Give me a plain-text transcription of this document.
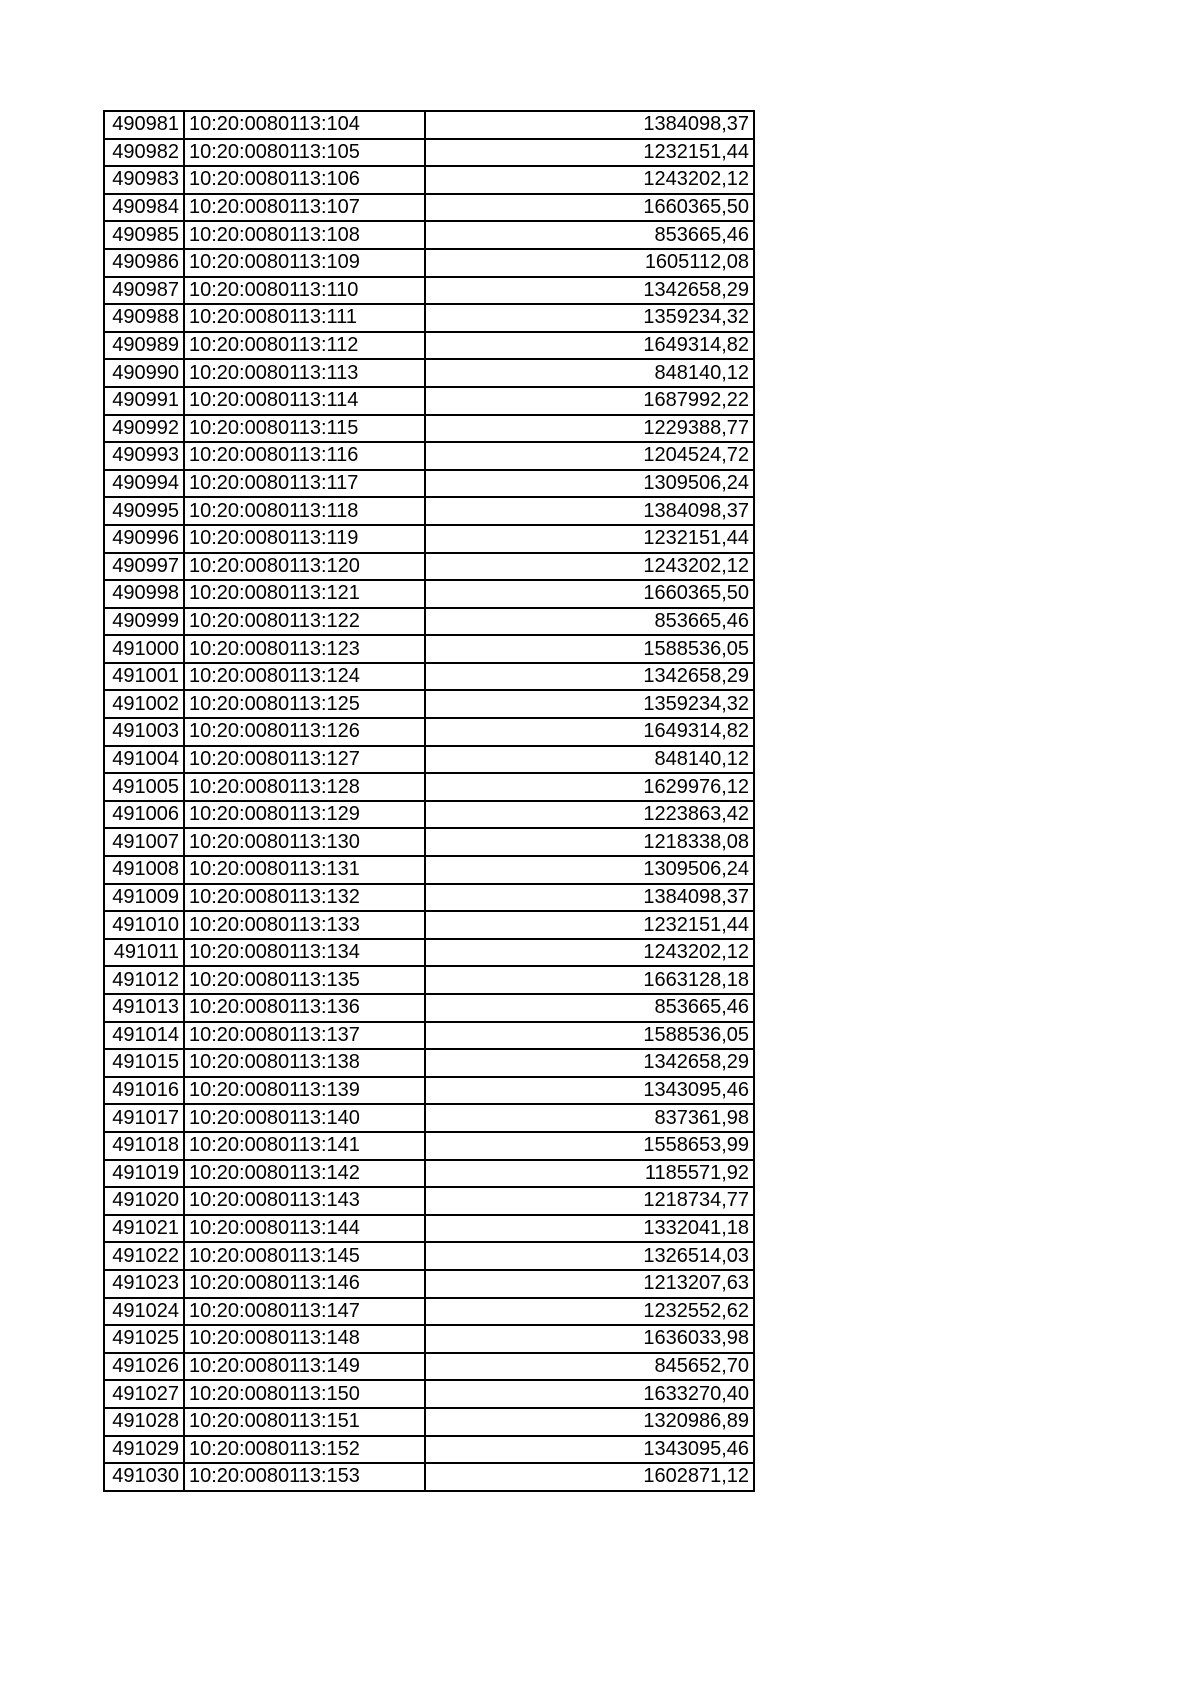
490981	10:20:0080113:104	1384098,37
490982	10:20:0080113:105	1232151,44
490983	10:20:0080113:106	1243202,12
490984	10:20:0080113:107	1660365,50
490985	10:20:0080113:108	853665,46
490986	10:20:0080113:109	1605112,08
490987	10:20:0080113:110	1342658,29
490988	10:20:0080113:111	1359234,32
490989	10:20:0080113:112	1649314,82
490990	10:20:0080113:113	848140,12
490991	10:20:0080113:114	1687992,22
490992	10:20:0080113:115	1229388,77
490993	10:20:0080113:116	1204524,72
490994	10:20:0080113:117	1309506,24
490995	10:20:0080113:118	1384098,37
490996	10:20:0080113:119	1232151,44
490997	10:20:0080113:120	1243202,12
490998	10:20:0080113:121	1660365,50
490999	10:20:0080113:122	853665,46
491000	10:20:0080113:123	1588536,05
491001	10:20:0080113:124	1342658,29
491002	10:20:0080113:125	1359234,32
491003	10:20:0080113:126	1649314,82
491004	10:20:0080113:127	848140,12
491005	10:20:0080113:128	1629976,12
491006	10:20:0080113:129	1223863,42
491007	10:20:0080113:130	1218338,08
491008	10:20:0080113:131	1309506,24
491009	10:20:0080113:132	1384098,37
491010	10:20:0080113:133	1232151,44
491011	10:20:0080113:134	1243202,12
491012	10:20:0080113:135	1663128,18
491013	10:20:0080113:136	853665,46
491014	10:20:0080113:137	1588536,05
491015	10:20:0080113:138	1342658,29
491016	10:20:0080113:139	1343095,46
491017	10:20:0080113:140	837361,98
491018	10:20:0080113:141	1558653,99
491019	10:20:0080113:142	1185571,92
491020	10:20:0080113:143	1218734,77
491021	10:20:0080113:144	1332041,18
491022	10:20:0080113:145	1326514,03
491023	10:20:0080113:146	1213207,63
491024	10:20:0080113:147	1232552,62
491025	10:20:0080113:148	1636033,98
491026	10:20:0080113:149	845652,70
491027	10:20:0080113:150	1633270,40
491028	10:20:0080113:151	1320986,89
491029	10:20:0080113:152	1343095,46
491030	10:20:0080113:153	1602871,12
